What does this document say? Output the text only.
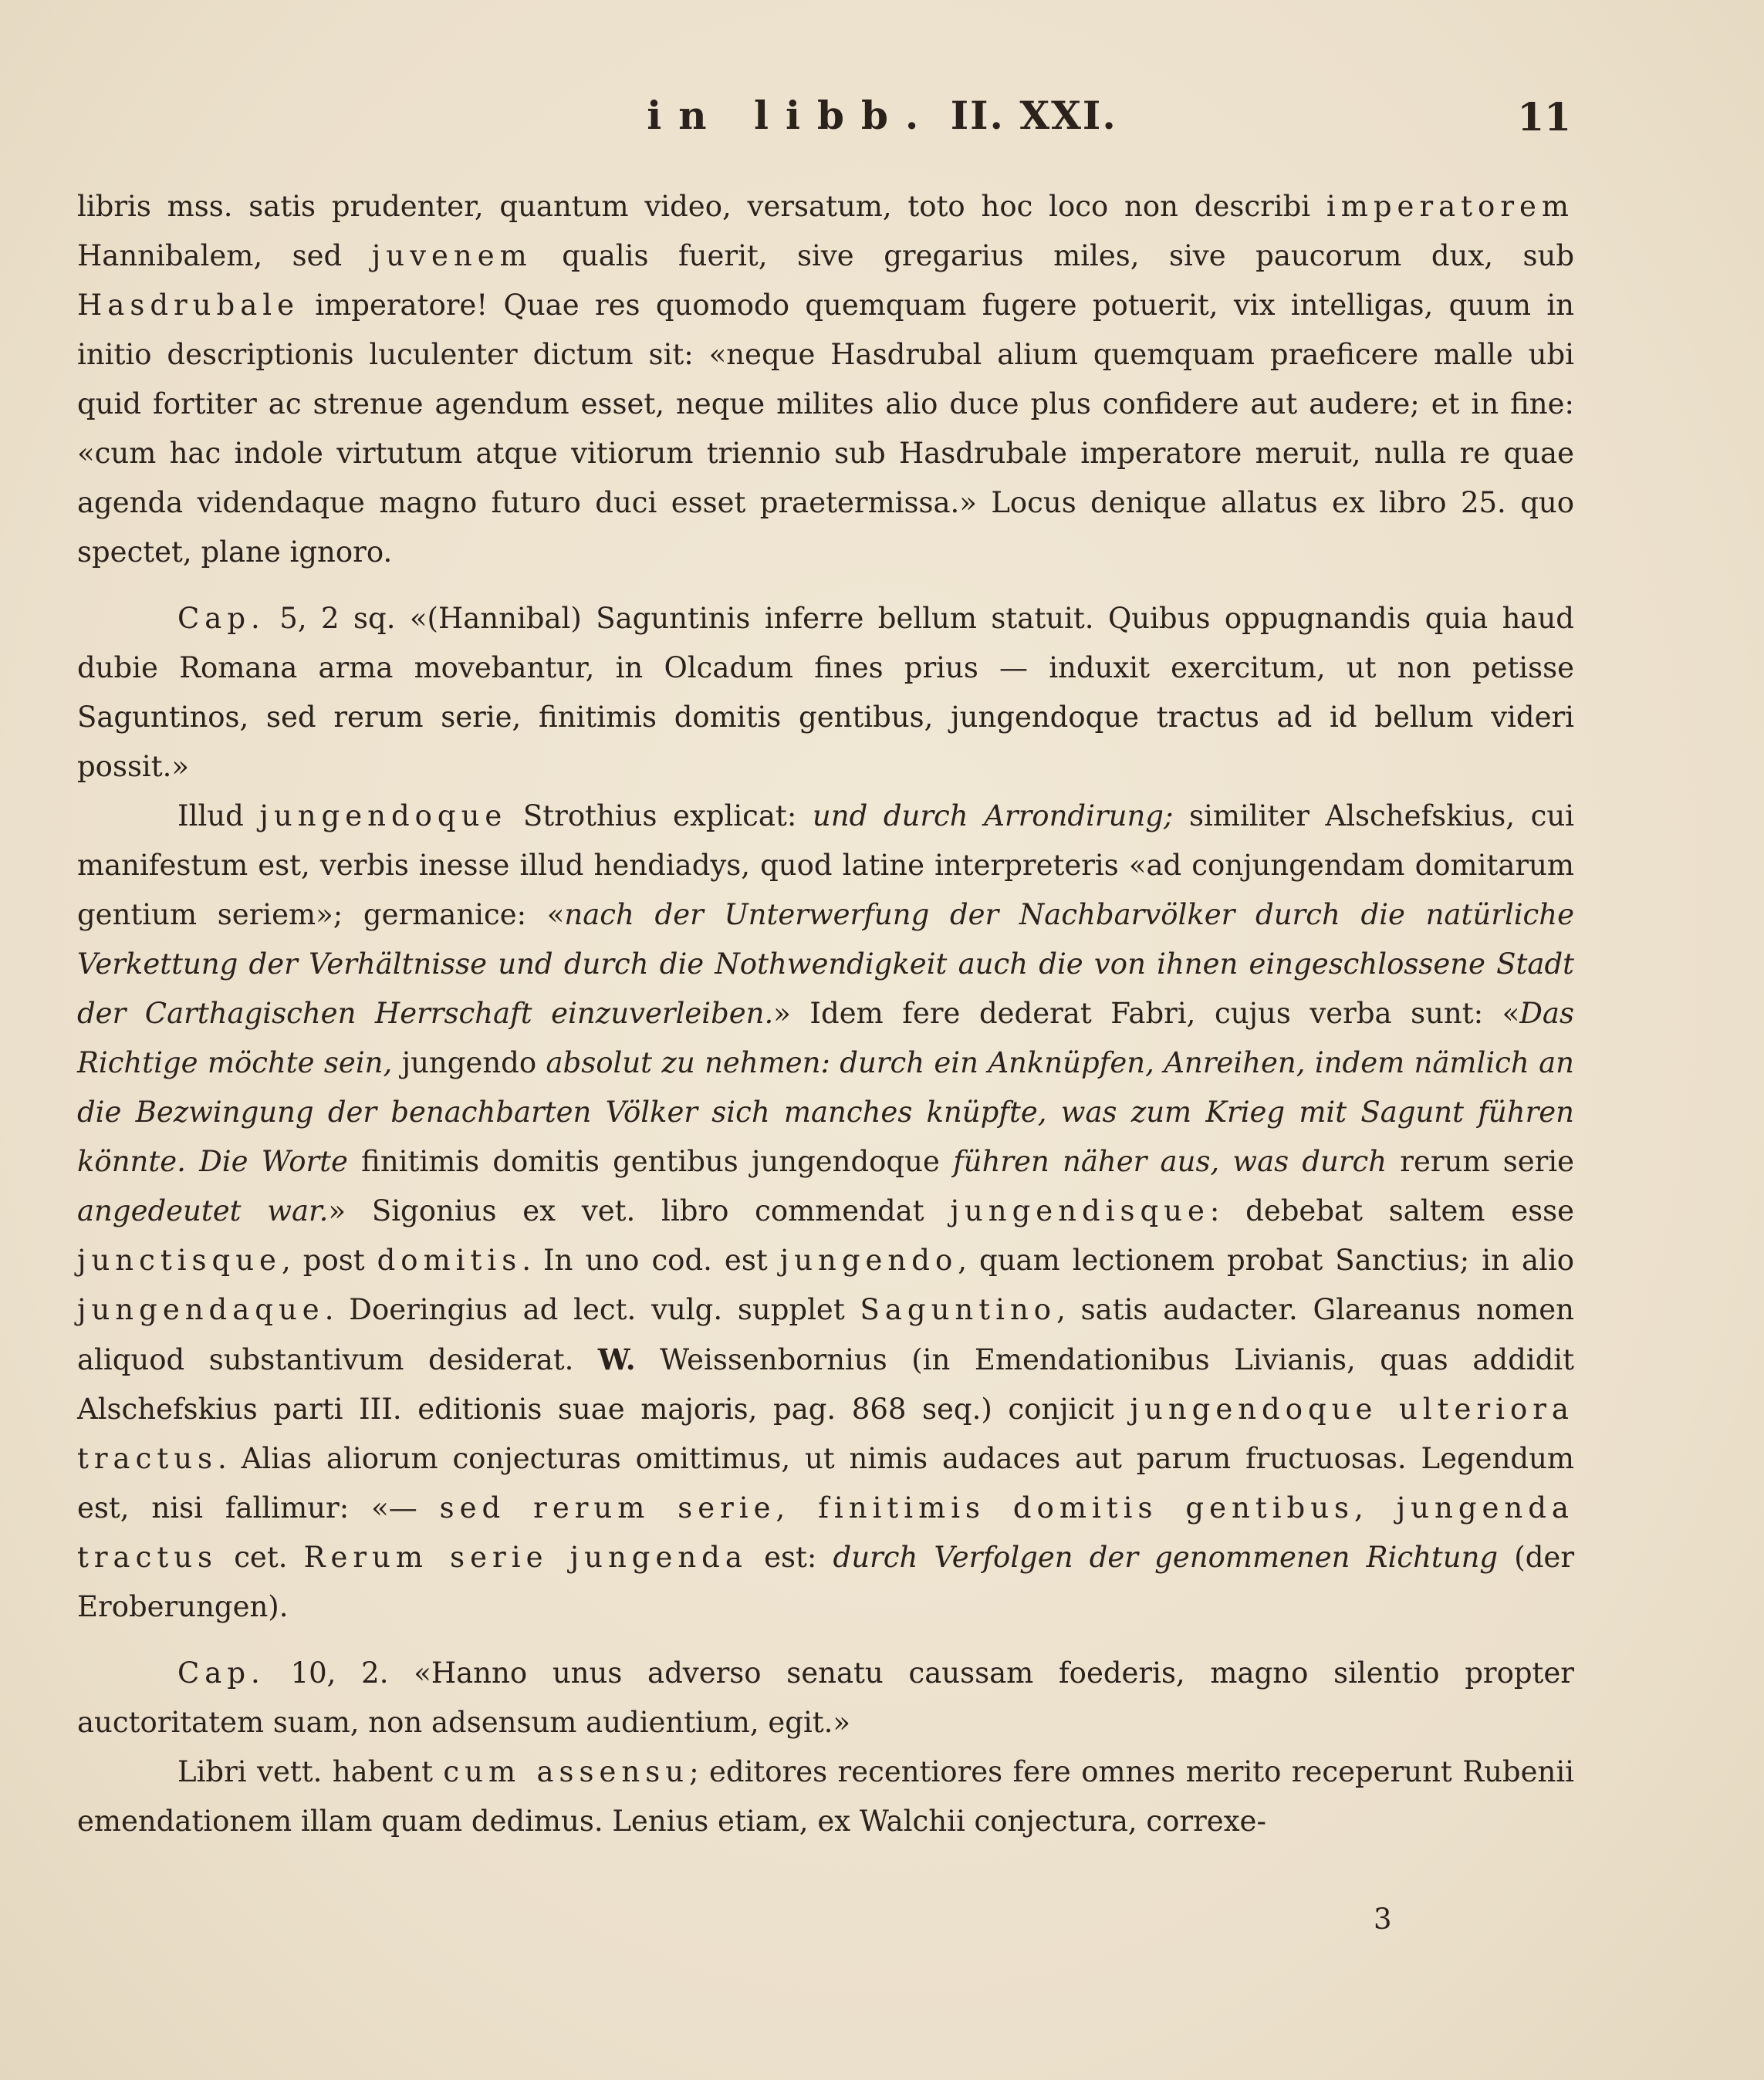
in libb. II. XXI.	11

libris mss. satis prudenter, quantum video, versatum, toto hoc loco non describi imperatorem Hannibalem, sed juvenem qualis fuerit, sive gregarius miles, sive paucorum dux, sub Hasdrubale imperatore! Quae res quomodo quemquam fugere potuerit, vix intelligas, quum in initio descriptionis luculenter dictum sit: «neque Hasdrubal alium quemquam praeficere malle ubi quid fortiter ac strenue agendum esset, neque milites alio duce plus confidere aut audere; et in fine: «cum hac indole virtutum atque vitiorum triennio sub Hasdrubale imperatore meruit, nulla re quae agenda videndaque magno futuro duci esset praetermissa.» Locus denique allatus ex libro 25. quo spectet, plane ignoro.

Cap. 5, 2 sq. «(Hannibal) Saguntinis inferre bellum statuit. Quibus oppugnandis quia haud dubie Romana arma movebantur, in Olcadum fines prius — induxit exercitum, ut non petisse Saguntinos, sed rerum serie, finitimis domitis gentibus, jungendoque tractus ad id bellum videri possit.»

Illud jungendoque Strothius explicat: und durch Arrondirung; similiter Alschefskius, cui manifestum est, verbis inesse illud hendiadys, quod latine interpreteris «ad conjungendam domitarum gentium seriem»; germanice: «nach der Unterwerfung der Nachbarvölker durch die natürliche Verkettung der Verhältnisse und durch die Nothwendigkeit auch die von ihnen eingeschlossene Stadt der Carthagischen Herrschaft einzuverleiben.» Idem fere dederat Fabri, cujus verba sunt: «Das Richtige möchte sein, jungendo absolut zu nehmen: durch ein Anknüpfen, Anreihen, indem nämlich an die Bezwingung der benachbarten Völker sich manches knüpfte, was zum Krieg mit Sagunt führen könnte. Die Worte finitimis domitis gentibus jungendoque führen näher aus, was durch rerum serie angedeutet war.» Sigonius ex vet. libro commendat jungendisque: debebat saltem esse junctisque, post domitis. In uno cod. est jungendo, quam lectionem probat Sanctius; in alio jungendaque. Doeringius ad lect. vulg. supplet Saguntino, satis audacter. Glareanus nomen aliquod substantivum desiderat. W. Weissenbornius (in Emendationibus Livianis, quas addidit Alschefskius parti III. editionis suae majoris, pag. 868 seq.) conjicit jungendoque ulteriora tractus. Alias aliorum conjecturas omittimus, ut nimis audaces aut parum fructuosas. Legendum est, nisi fallimur: «— sed rerum serie, finitimis domitis gentibus, jungenda tractus cet. Rerum serie jungenda est: durch Verfolgen der genommenen Richtung (der Eroberungen).

Cap. 10, 2. «Hanno unus adverso senatu caussam foederis, magno silentio propter auctoritatem suam, non adsensum audientium, egit.»

Libri vett. habent cum assensu; editores recentiores fere omnes merito receperunt Rubenii emendationem illam quam dedimus. Lenius etiam, ex Walchii conjectura, correxe-

3
